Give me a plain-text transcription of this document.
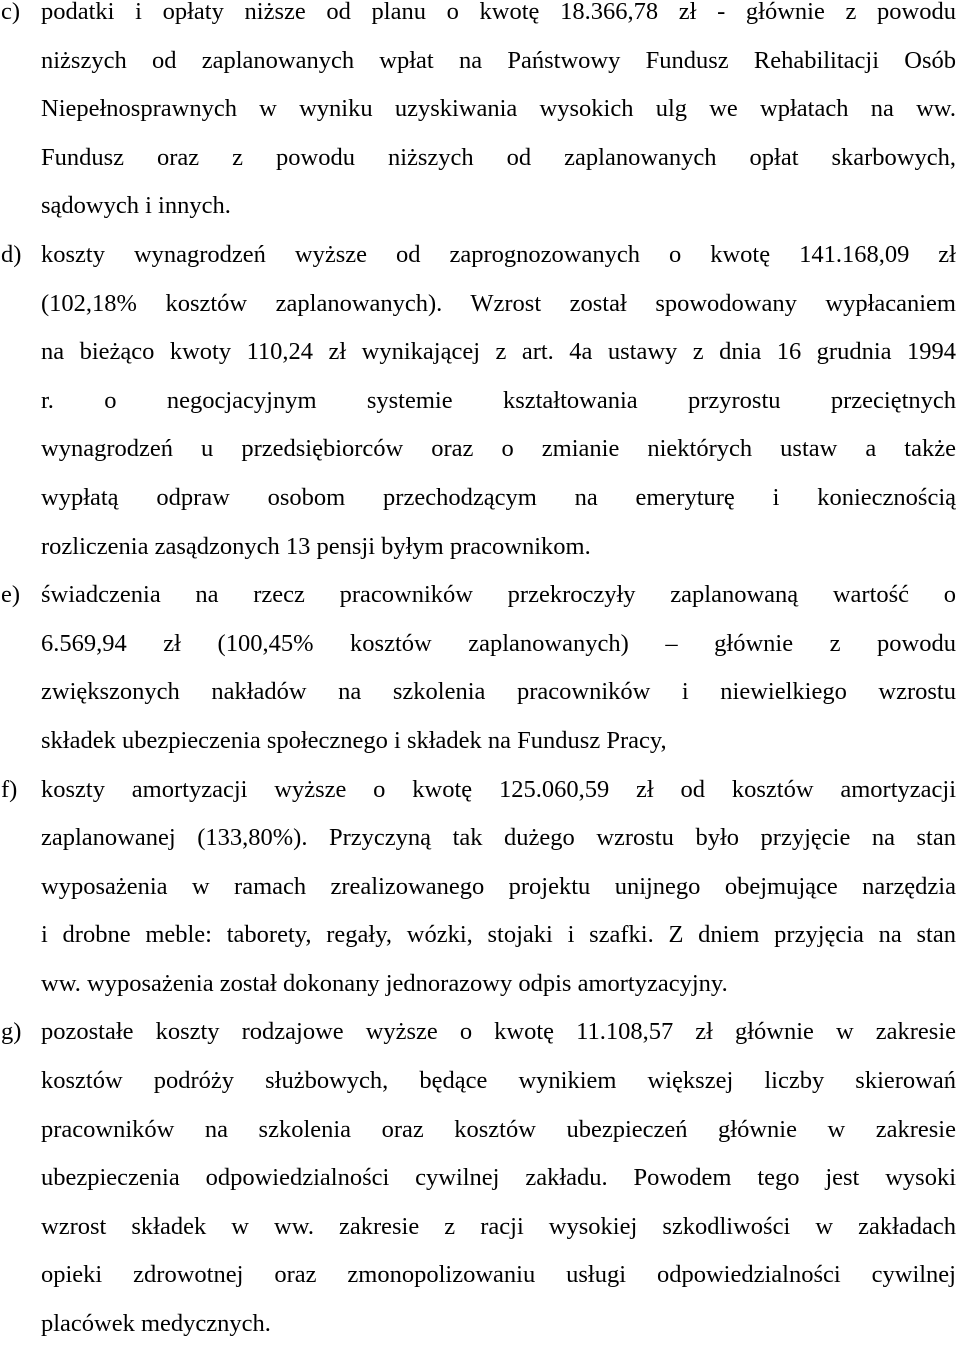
c) podatki i opłaty niższe od planu o kwotę 18.366,78 zł - głównie z powodu
niższych od zaplanowanych wpłat na Państwowy Fundusz Rehabilitacji Osób
Niepełnosprawnych w wyniku uzyskiwania wysokich ulg we wpłatach na ww.
Fundusz oraz z powodu niższych od zaplanowanych opłat skarbowych,
sądowych i innych.
d) koszty wynagrodzeń wyższe od zaprognozowanych o kwotę 141.168,09 zł
(102,18% kosztów zaplanowanych). Wzrost został spowodowany wypłacaniem
na bieżąco kwoty 110,24 zł wynikającej z art. 4a ustawy z dnia 16 grudnia 1994
r. o negocjacyjnym systemie kształtowania przyrostu przeciętnych
wynagrodzeń u przedsiębiorców oraz o zmianie niektórych ustaw a także
wypłatą odpraw osobom przechodzącym na emeryturę i koniecznością
rozliczenia zasądzonych 13 pensji byłym pracownikom.
e) świadczenia na rzecz pracowników przekroczyły zaplanowaną wartość o
6.569,94 zł (100,45% kosztów zaplanowanych) – głównie z powodu
zwiększonych nakładów na szkolenia pracowników i niewielkiego wzrostu
składek ubezpieczenia społecznego i składek na Fundusz Pracy,
f) koszty amortyzacji wyższe o kwotę 125.060,59 zł od kosztów amortyzacji
zaplanowanej (133,80%). Przyczyną tak dużego wzrostu było przyjęcie na stan
wyposażenia w ramach zrealizowanego projektu unijnego obejmujące narzędzia
i drobne meble: taborety, regały, wózki, stojaki i szafki. Z dniem przyjęcia na stan
ww. wyposażenia został dokonany jednorazowy odpis amortyzacyjny.
g) pozostałe koszty rodzajowe wyższe o kwotę 11.108,57 zł głównie w zakresie
kosztów podróży służbowych, będące wynikiem większej liczby skierowań
pracowników na szkolenia oraz kosztów ubezpieczeń głównie w zakresie
ubezpieczenia odpowiedzialności cywilnej zakładu. Powodem tego jest wysoki
wzrost składek w ww. zakresie z racji wysokiej szkodliwości w zakładach
opieki zdrowotnej oraz zmonopolizowaniu usługi odpowiedzialności cywilnej
placówek medycznych.
